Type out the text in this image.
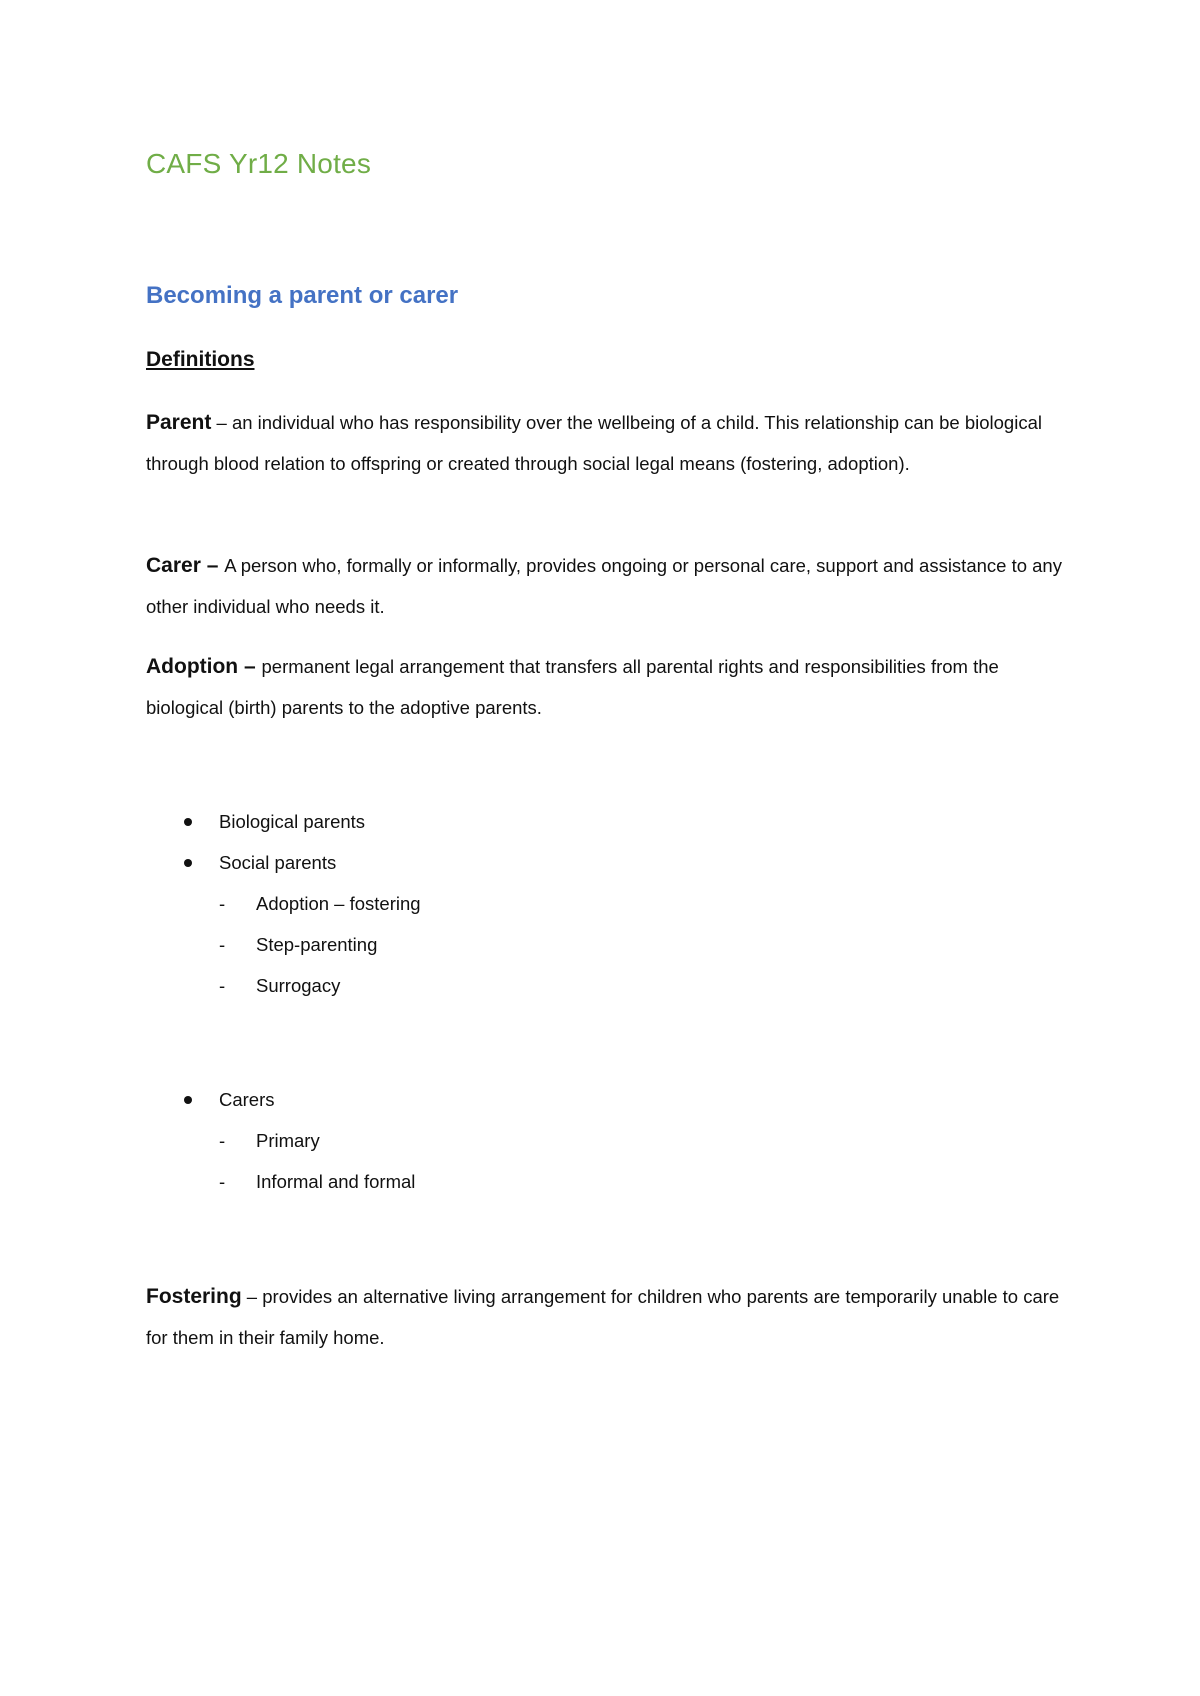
CAFS Yr12 Notes
Becoming a parent or carer
Definitions

Parent – an individual who has responsibility over the wellbeing of a child. This relationship can be biological through blood relation to offspring or created through social legal means (fostering, adoption).

Carer – A person who, formally or informally, provides ongoing or personal care, support and assistance to any other individual who needs it.

Adoption – permanent legal arrangement that transfers all parental rights and responsibilities from the biological (birth) parents to the adoptive parents.

Biological parents

Social parents

- Adoption – fostering

- Step-parenting

- Surrogacy

Carers

- Primary

- Informal and formal

Fostering – provides an alternative living arrangement for children who parents are temporarily unable to care for them in their family home.
